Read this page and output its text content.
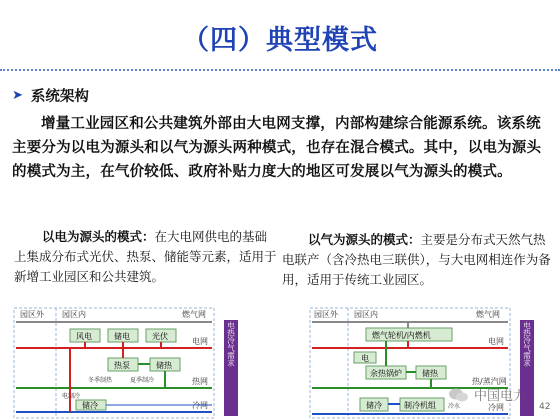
（四）典型模式
➤ 系统架构
增量工业园区和公共建筑外部由大电网支撑，内部构建综合能源系统。该系统主要分为以电为源头和以气为源头两种模式，也存在混合模式。其中，以电为源头的模式为主，在气价较低、政府补贴力度大的地区可发展以气为源头的模式。
以电为源头的模式：在大电网供电的基础上集成分布式光伏、热泵、储能等元素，适用于新增工业园区和公共建筑。
以气为源头的模式：主要是分布式天然气热电联产（含冷热电三联供），与大电网相连作为备用，适用于传统工业园区。
园区外 园区内	燃气网
电网
热网
冷网
风电	储电	光伏
热泵	储热
冬季制热	夏季制冷
电制冷
储冷
电热冷气需求
园区外 园区内	燃气网
燃气轮机/内燃机
电网
电
余热锅炉	储热
热/蒸汽网
储冷	制冷机组	冷网
冷水
电热冷气需求
中国电力
42
